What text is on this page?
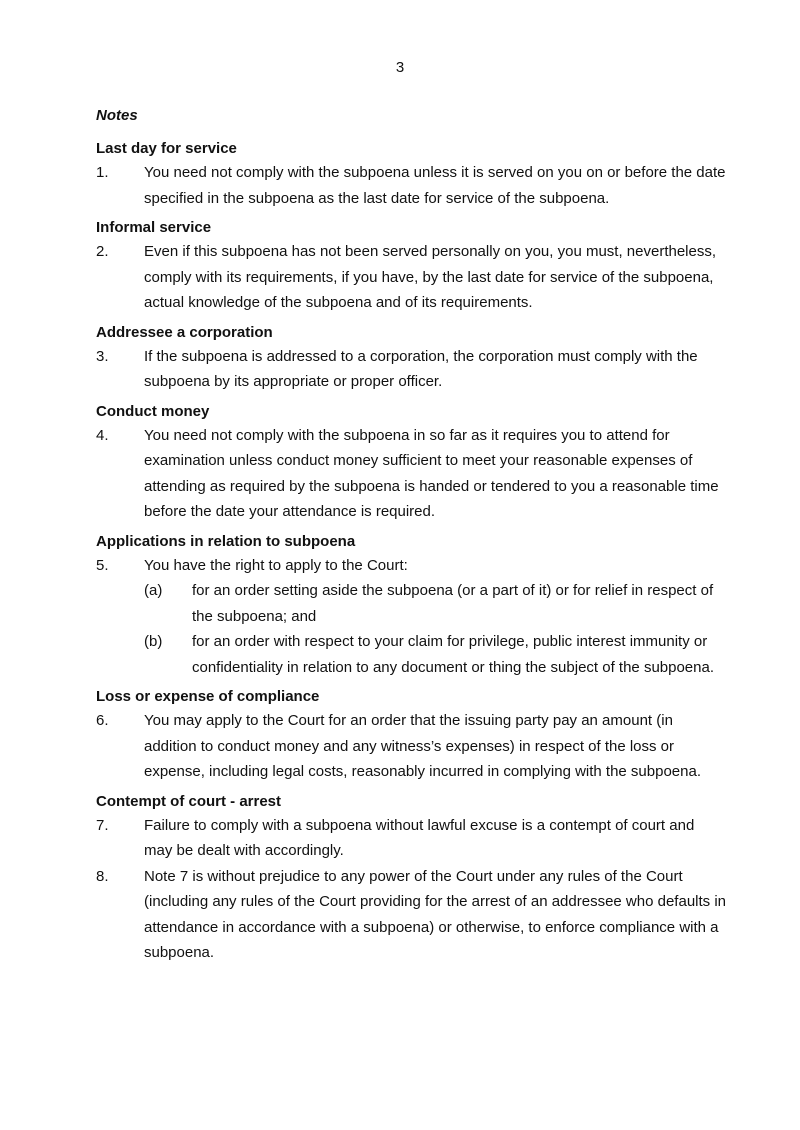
3
Notes
Last day for service
1.	You need not comply with the subpoena unless it is served on you on or before the date specified in the subpoena as the last date for service of the subpoena.
Informal service
2.	Even if this subpoena has not been served personally on you, you must, nevertheless, comply with its requirements, if you have, by the last date for service of the subpoena, actual knowledge of the subpoena and of its requirements.
Addressee a corporation
3.	If the subpoena is addressed to a corporation, the corporation must comply with the subpoena by its appropriate or proper officer.
Conduct money
4.	You need not comply with the subpoena in so far as it requires you to attend for examination unless conduct money sufficient to meet your reasonable expenses of attending as required by the subpoena is handed or tendered to you a reasonable time before the date your attendance is required.
Applications in relation to subpoena
5.	You have the right to apply to the Court:
(a)	for an order setting aside the subpoena (or a part of it) or for relief in respect of the subpoena; and
(b)	for an order with respect to your claim for privilege, public interest immunity or confidentiality in relation to any document or thing the subject of the subpoena.
Loss or expense of compliance
6.	You may apply to the Court for an order that the issuing party pay an amount (in addition to conduct money and any witness’s expenses) in respect of the loss or expense, including legal costs, reasonably incurred in complying with the subpoena.
Contempt of court - arrest
7.	Failure to comply with a subpoena without lawful excuse is a contempt of court and may be dealt with accordingly.
8.	Note 7 is without prejudice to any power of the Court under any rules of the Court (including any rules of the Court providing for the arrest of an addressee who defaults in attendance in accordance with a subpoena) or otherwise, to enforce compliance with a subpoena.
